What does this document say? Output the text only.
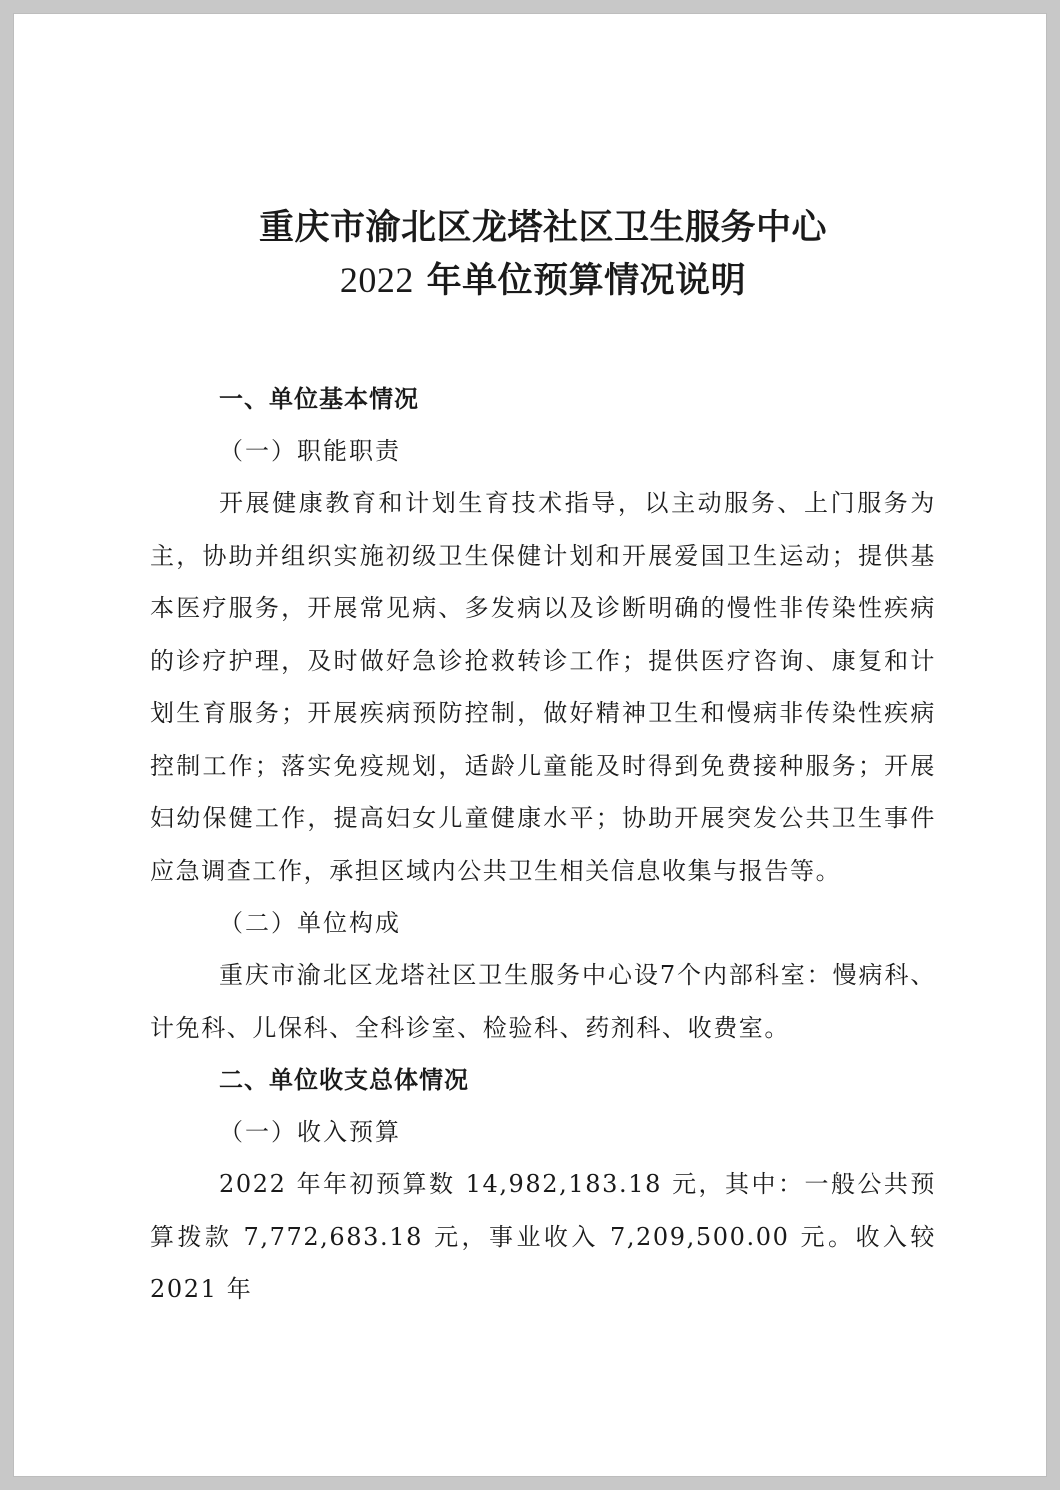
重庆市渝北区龙塔社区卫生服务中心
2022 年单位预算情况说明

一、单位基本情况

（一）职能职责

开展健康教育和计划生育技术指导，以主动服务、上门服务为主，协助并组织实施初级卫生保健计划和开展爱国卫生运动；提供基本医疗服务，开展常见病、多发病以及诊断明确的慢性非传染性疾病的诊疗护理，及时做好急诊抢救转诊工作；提供医疗咨询、康复和计划生育服务；开展疾病预防控制，做好精神卫生和慢病非传染性疾病控制工作；落实免疫规划，适龄儿童能及时得到免费接种服务；开展妇幼保健工作，提高妇女儿童健康水平；协助开展突发公共卫生事件应急调查工作，承担区域内公共卫生相关信息收集与报告等。

（二）单位构成

重庆市渝北区龙塔社区卫生服务中心设7个内部科室：慢病科、计免科、儿保科、全科诊室、检验科、药剂科、收费室。

二、单位收支总体情况

（一）收入预算

2022 年年初预算数 14,982,183.18 元，其中：一般公共预算拨款 7,772,683.18 元，事业收入 7,209,500.00 元。收入较 2021 年
